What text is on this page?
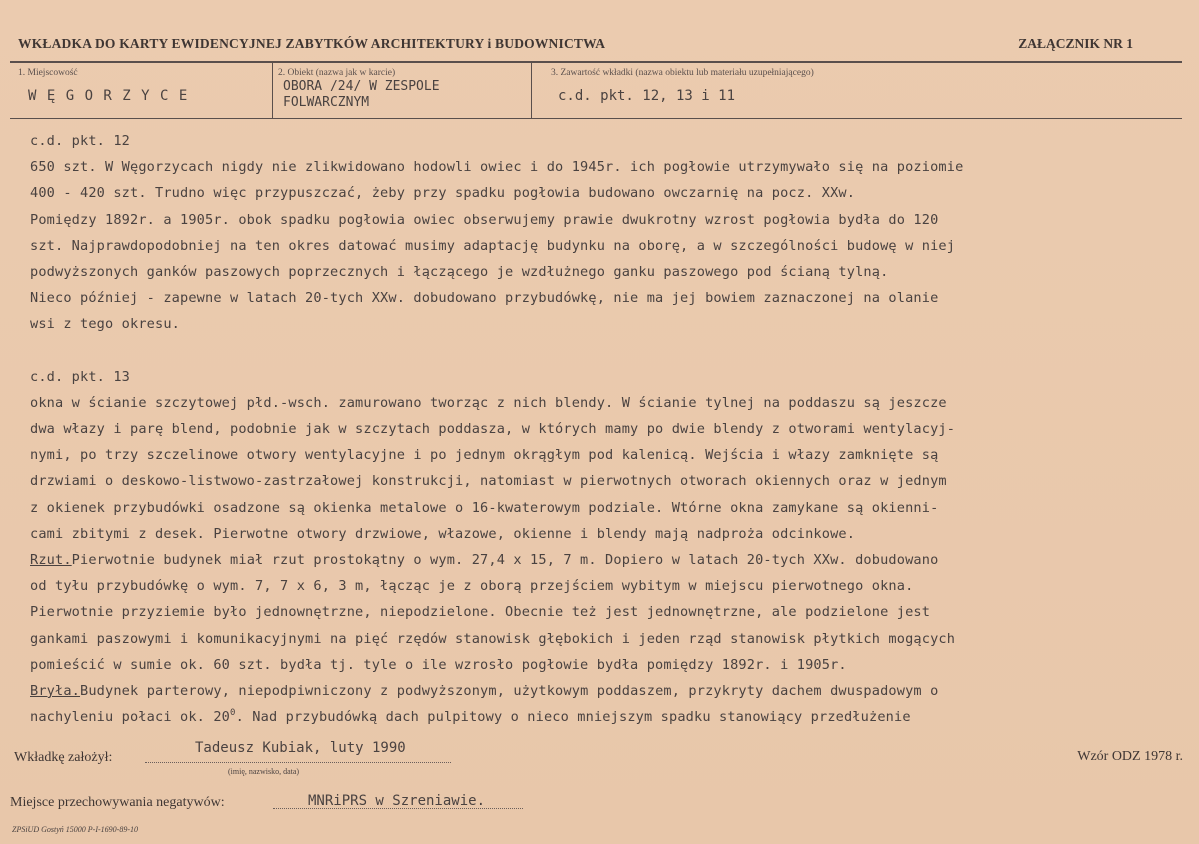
WKŁADKA DO KARTY EWIDENCYJNEJ ZABYTKÓW ARCHITEKTURY i BUDOWNICTWA	ZAŁĄCZNIK NR 1
1. Miejscowość
W Ę G O R Z Y C E
2. Obiekt (nazwa jak w karcie)
OBORA /24/ W ZESPOLE
FOLWARCZNYM
3. Zawartość wkładki (nazwa obiektu lub materiału uzupełniającego)
c.d. pkt. 12, 13 i 11
c.d. pkt. 12
650 szt. W Węgorzycach nigdy nie zlikwidowano hodowli owiec i do 1945r. ich pogłowie utrzymywało się na poziomie
400 - 420 szt. Trudno więc przypuszczać, żeby przy spadku pogłowia budowano owczarnię na pocz. XXw.
Pomiędzy 1892r. a 1905r. obok spadku pogłowia owiec obserwujemy prawie dwukrotny wzrost pogłowia bydła do 120
szt. Najprawdopodobniej na ten okres datować musimy adaptację budynku na oborę, a w szczególności budowę w niej
podwyższonych ganków paszowych poprzecznych i łączącego je wzdłużnego ganku paszowego pod ścianą tylną.
Nieco później - zapewne w latach 20-tych XXw. dobudowano przybudówkę, nie ma jej bowiem zaznaczonej na olanie
wsi z tego okresu.
c.d. pkt. 13
okna w ścianie szczytowej płd.-wsch. zamurowano tworząc z nich blendy. W ścianie tylnej na poddaszu są jeszcze
dwa włazy i parę blend, podobnie jak w szczytach poddasza, w których mamy po dwie blendy z otworami wentylacyj-
nymi, po trzy szczelinowe otwory wentylacyjne i po jednym okrągłym pod kalenicą. Wejścia i włazy zamknięte są
drzwiami o deskowo-listwowo-zastrzałowej konstrukcji, natomiast w pierwotnych otworach okiennych oraz w jednym
z okienek przybudówki osadzone są okienka metalowe o 16-kwaterowym podziale. Wtórne okna zamykane są okienni-
cami zbitymi z desek. Pierwotne otwory drzwiowe, włazowe, okienne i blendy mają nadproża odcinkowe.
Rzut.Pierwotnie budynek miał rzut prostokątny o wym. 27,4 x 15, 7 m. Dopiero w latach 20-tych XXw. dobudowano
od tyłu przybudówkę o wym. 7, 7 x 6, 3 m, łącząc je z oborą przejściem wybitym w miejscu pierwotnego okna.
Pierwotnie przyziemie było jednownętrzne, niepodzielone. Obecnie też jest jednownętrzne, ale podzielone jest
gankami paszowymi i komunikacyjnymi na pięć rzędów stanowisk głębokich i jeden rząd stanowisk płytkich mogących
pomieścić w sumie ok. 60 szt. bydła tj. tyle o ile wzrosło pogłowie bydła pomiędzy 1892r. i 1905r.
Bryła.Budynek parterowy, niepodpiwniczony z podwyższonym, użytkowym poddaszem, przykryty dachem dwuspadowym o
nachyleniu połaci ok. $20^0$. Nad przybudówką dach pulpitowy o nieco mniejszym spadku stanowiący przedłużenie
Wkładkę założył:
Tadeusz Kubiak, luty 1990
(imię, nazwisko, data)
Wzór ODZ 1978 r.
Miejsce przechowywania negatywów:	MNRiPRS w Szreniawie.
ZPSiUD Gostyń 15000 P-I-1690-89-10
